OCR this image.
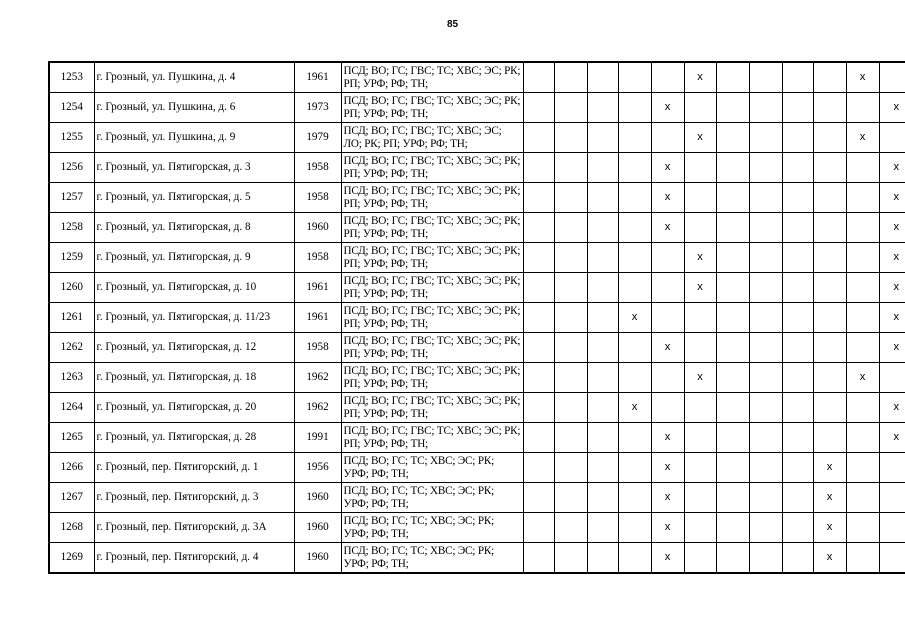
85
1253	г. Грозный, ул. Пушкина, д. 4	1961	ПСД; ВО; ГС; ГВС; ТС; ХВС; ЭС; РК; РП; УРФ; РФ; ТН;						x					x	
1254	г. Грозный, ул. Пушкина, д. 6	1973	ПСД; ВО; ГС; ГВС; ТС; ХВС; ЭС; РК; РП; УРФ; РФ; ТН;					x							x
1255	г. Грозный, ул. Пушкина, д. 9	1979	ПСД; ВО; ГС; ГВС; ТС; ХВС; ЭС; ЛО; РК; РП; УРФ; РФ; ТН;						x					x	
1256	г. Грозный, ул. Пятигорская, д. 3	1958	ПСД; ВО; ГС; ГВС; ТС; ХВС; ЭС; РК; РП; УРФ; РФ; ТН;					x							x
1257	г. Грозный, ул. Пятигорская, д. 5	1958	ПСД; ВО; ГС; ГВС; ТС; ХВС; ЭС; РК; РП; УРФ; РФ; ТН;					x							x
1258	г. Грозный, ул. Пятигорская, д. 8	1960	ПСД; ВО; ГС; ГВС; ТС; ХВС; ЭС; РК; РП; УРФ; РФ; ТН;					x							x
1259	г. Грозный, ул. Пятигорская, д. 9	1958	ПСД; ВО; ГС; ГВС; ТС; ХВС; ЭС; РК; РП; УРФ; РФ; ТН;						x						x
1260	г. Грозный, ул. Пятигорская, д. 10	1961	ПСД; ВО; ГС; ГВС; ТС; ХВС; ЭС; РК; РП; УРФ; РФ; ТН;						x						x
1261	г. Грозный, ул. Пятигорская, д. 11/23	1961	ПСД; ВО; ГС; ГВС; ТС; ХВС; ЭС; РК; РП; УРФ; РФ; ТН;				x								x
1262	г. Грозный, ул. Пятигорская, д. 12	1958	ПСД; ВО; ГС; ГВС; ТС; ХВС; ЭС; РК; РП; УРФ; РФ; ТН;					x							x
1263	г. Грозный, ул. Пятигорская, д. 18	1962	ПСД; ВО; ГС; ГВС; ТС; ХВС; ЭС; РК; РП; УРФ; РФ; ТН;						x					x	
1264	г. Грозный, ул. Пятигорская, д. 20	1962	ПСД; ВО; ГС; ГВС; ТС; ХВС; ЭС; РК; РП; УРФ; РФ; ТН;				x								x
1265	г. Грозный, ул. Пятигорская, д. 28	1991	ПСД; ВО; ГС; ГВС; ТС; ХВС; ЭС; РК; РП; УРФ; РФ; ТН;					x							x
1266	г. Грозный, пер. Пятигорский, д. 1	1956	ПСД; ВО; ГС; ТС; ХВС; ЭС; РК; УРФ; РФ; ТН;					x					x		
1267	г. Грозный, пер. Пятигорский, д. 3	1960	ПСД; ВО; ГС; ТС; ХВС; ЭС; РК; УРФ; РФ; ТН;					x					x		
1268	г. Грозный, пер. Пятигорский, д. 3А	1960	ПСД; ВО; ГС; ТС; ХВС; ЭС; РК; УРФ; РФ; ТН;					x					x		
1269	г. Грозный, пер. Пятигорский, д. 4	1960	ПСД; ВО; ГС; ТС; ХВС; ЭС; РК; УРФ; РФ; ТН;					x					x		
